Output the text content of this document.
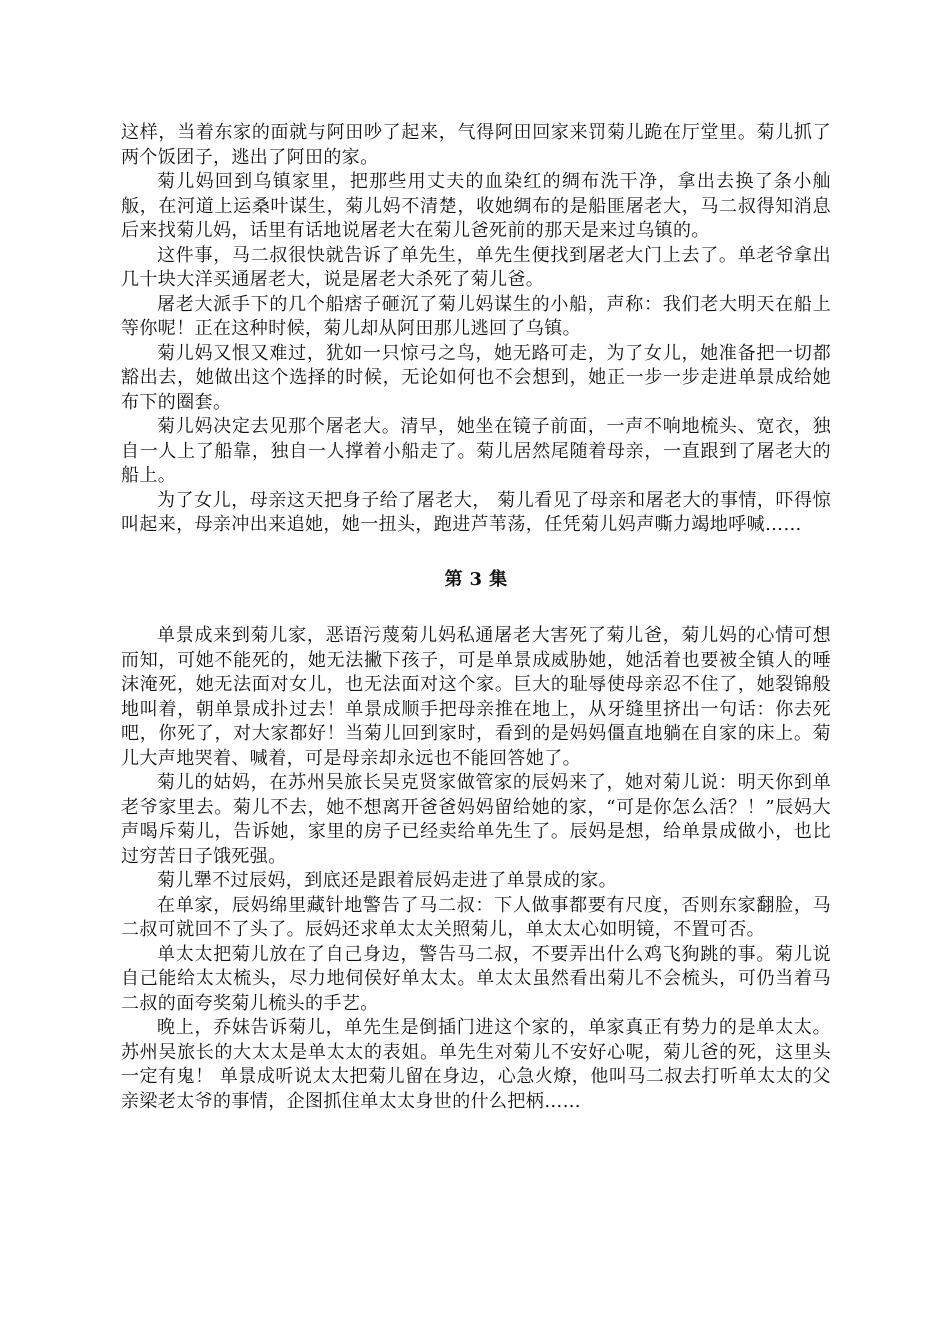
这样，当着东家的面就与阿田吵了起来，气得阿田回家来罚菊儿跪在厅堂里。菊儿抓了两个饭团子，逃出了阿田的家。

菊儿妈回到乌镇家里，把那些用丈夫的血染红的绸布洗干净，拿出去换了条小舢舨，在河道上运桑叶谋生，菊儿妈不清楚，收她绸布的是船匪屠老大，马二叔得知消息后来找菊儿妈，话里有话地说屠老大在菊儿爸死前的那天是来过乌镇的。

这件事，马二叔很快就告诉了单先生，单先生便找到屠老大门上去了。单老爷拿出几十块大洋买通屠老大，说是屠老大杀死了菊儿爸。

屠老大派手下的几个船痞子砸沉了菊儿妈谋生的小船，声称：我们老大明天在船上等你呢！正在这种时候，菊儿却从阿田那儿逃回了乌镇。

菊儿妈又恨又难过，犹如一只惊弓之鸟，她无路可走，为了女儿，她准备把一切都豁出去，她做出这个选择的时候，无论如何也不会想到，她正一步一步走进单景成给她布下的圈套。

菊儿妈决定去见那个屠老大。清早，她坐在镜子前面，一声不响地梳头、宽衣，独自一人上了船靠，独自一人撑着小船走了。菊儿居然尾随着母亲，一直跟到了屠老大的船上。

为了女儿，母亲这天把身子给了屠老大， 菊儿看见了母亲和屠老大的事情，吓得惊叫起来，母亲冲出来追她，她一扭头，跑进芦苇荡，任凭菊儿妈声嘶力竭地呼喊……

第 3 集

单景成来到菊儿家，恶语污蔑菊儿妈私通屠老大害死了菊儿爸，菊儿妈的心情可想而知，可她不能死的，她无法撇下孩子，可是单景成威胁她，她活着也要被全镇人的唾沫淹死，她无法面对女儿，也无法面对这个家。巨大的耻辱使母亲忍不住了，她裂锦般地叫着，朝单景成扑过去！单景成顺手把母亲推在地上，从牙缝里挤出一句话：你去死吧，你死了，对大家都好！当菊儿回到家时，看到的是妈妈僵直地躺在自家的床上。菊儿大声地哭着、喊着，可是母亲却永远也不能回答她了。

菊儿的姑妈，在苏州吴旅长吴克贤家做管家的辰妈来了，她对菊儿说：明天你到单老爷家里去。菊儿不去，她不想离开爸爸妈妈留给她的家，“可是你怎么活？！”辰妈大声喝斥菊儿，告诉她，家里的房子已经卖给单先生了。辰妈是想，给单景成做小，也比过穷苦日子饿死强。

菊儿犟不过辰妈，到底还是跟着辰妈走进了单景成的家。

在单家，辰妈绵里藏针地警告了马二叔：下人做事都要有尺度，否则东家翻脸，马二叔可就回不了头了。辰妈还求单太太关照菊儿，单太太心如明镜，不置可否。

单太太把菊儿放在了自己身边，警告马二叔，不要弄出什么鸡飞狗跳的事。菊儿说自己能给太太梳头，尽力地伺侯好单太太。单太太虽然看出菊儿不会梳头，可仍当着马二叔的面夸奖菊儿梳头的手艺。

晚上，乔妹告诉菊儿，单先生是倒插门进这个家的，单家真正有势力的是单太太。苏州吴旅长的大太太是单太太的表姐。单先生对菊儿不安好心呢，菊儿爸的死，这里头一定有鬼！ 单景成听说太太把菊儿留在身边，心急火燎，他叫马二叔去打听单太太的父亲梁老太爷的事情，企图抓住单太太身世的什么把柄……
